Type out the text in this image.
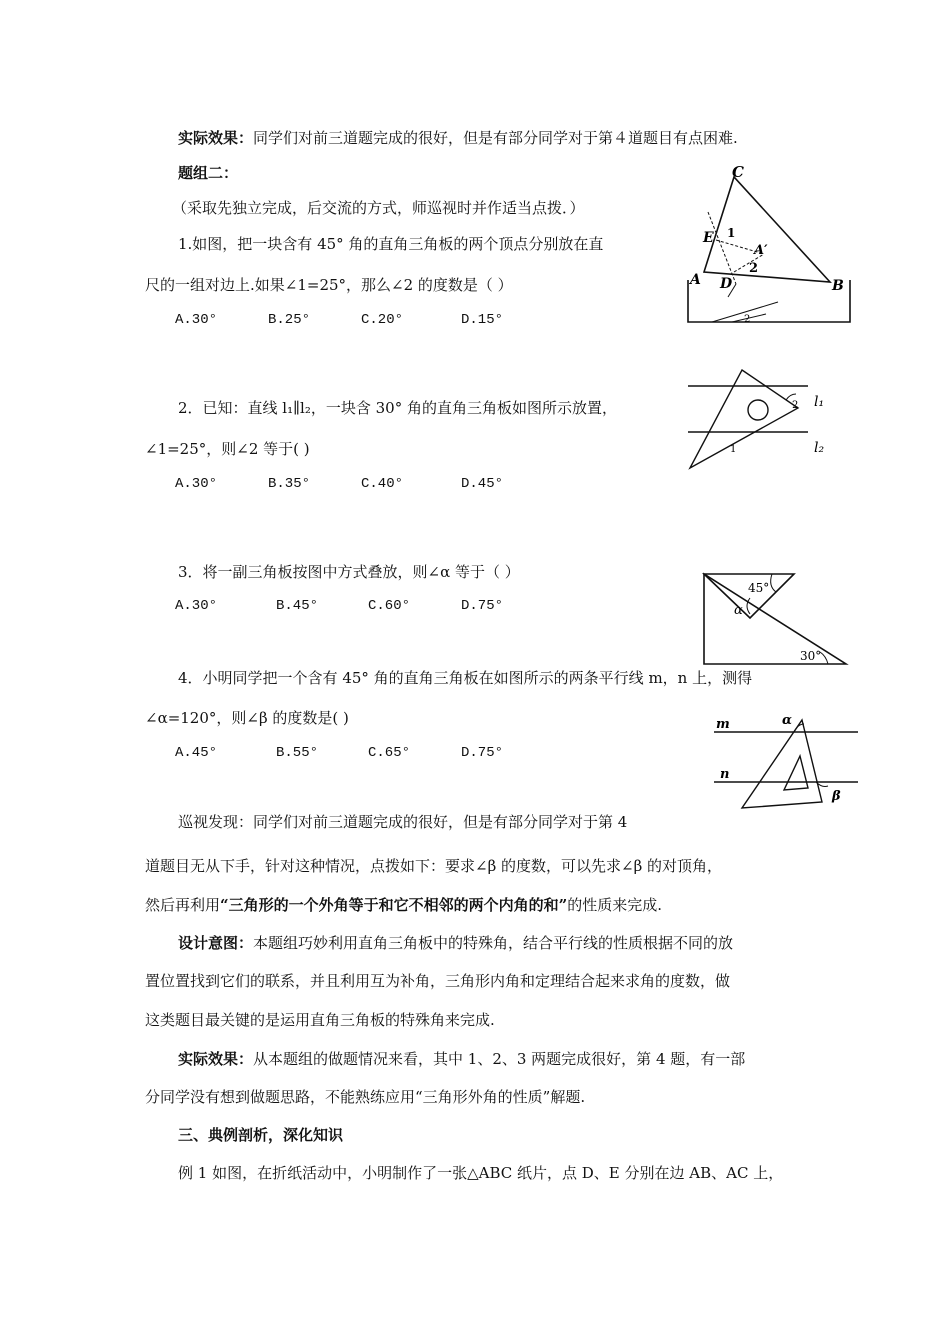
实际效果：同学们对前三道题完成的很好，但是有部分同学对于第４道题目有点困难.
题组二：
（采取先独立完成，后交流的方式，师巡视时并作适当点拨．）
1.如图，把一块含有 45° 角的直角三角板的两个顶点分别放在直
尺的一组对边上.如果∠1=25°，那么∠2 的度数是（ ）
A.30°	B.25°	C.20°	D.15°
C
E 1
A′
2
A D	B
2
2．已知：直线 l₁∥l₂，一块含 30° 角的直角三角板如图所示放置，
∠1=25°，则∠2 等于( )
A.30°	B.35°	C.40°	D.45°
l₁
l₂
1
2
3．将一副三角板按图中方式叠放，则∠α 等于（ ）
A.30°	B.45°	C.60°	D.75°
45°
α
30°
4．小明同学把一个含有 45° 角的直角三角板在如图所示的两条平行线 m，n 上，测得
∠α=120°，则∠β 的度数是( )
A.45°	B.55°	C.65°	D.75°
m
n
α
β
巡视发现：同学们对前三道题完成的很好，但是有部分同学对于第 4
道题目无从下手，针对这种情况，点拨如下：要求∠β 的度数，可以先求∠β 的对顶角，
然后再利用“三角形的一个外角等于和它不相邻的两个内角的和”的性质来完成.
设计意图：本题组巧妙利用直角三角板中的特殊角，结合平行线的性质根据不同的放
置位置找到它们的联系，并且利用互为补角，三角形内角和定理结合起来求角的度数，做
这类题目最关键的是运用直角三角板的特殊角来完成.
实际效果：从本题组的做题情况来看，其中 1、2、3 两题完成很好，第 4 题，有一部
分同学没有想到做题思路，不能熟练应用“三角形外角的性质”解题.
三、典例剖析，深化知识
例 1 如图，在折纸活动中，小明制作了一张△ABC 纸片，点 D、E 分别在边 AB、AC 上，
